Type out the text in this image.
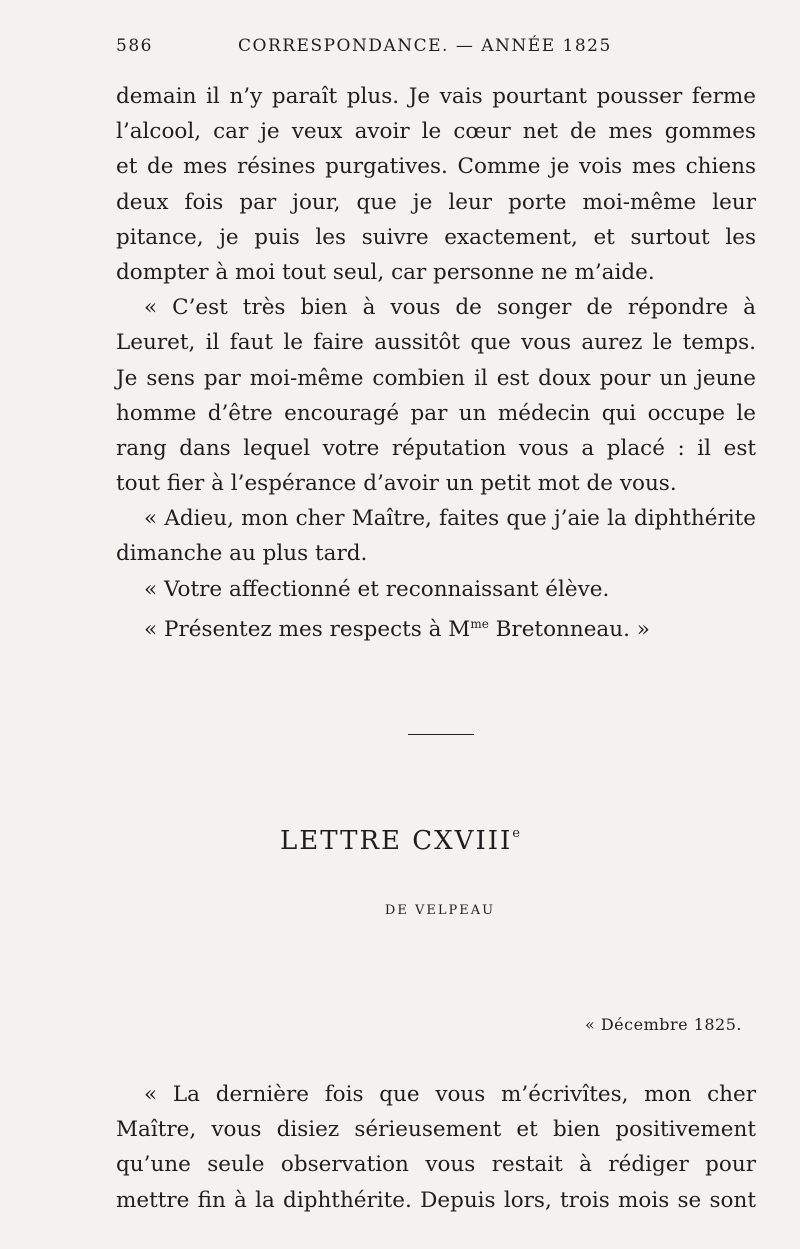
586	CORRESPONDANCE. — ANNÉE 1825
demain il n’y paraît plus. Je vais pourtant pousser ferme
l’alcool, car je veux avoir le cœur net de mes gommes
et de mes résines purgatives. Comme je vois mes chiens
deux fois par jour, que je leur porte moi-même leur
pitance, je puis les suivre exactement, et surtout les
dompter à moi tout seul, car personne ne m’aide.
« C’est très bien à vous de songer de répondre à
Leuret, il faut le faire aussitôt que vous aurez le temps.
Je sens par moi-même combien il est doux pour un jeune
homme d’être encouragé par un médecin qui occupe le
rang dans lequel votre réputation vous a placé : il est
tout fier à l’espérance d’avoir un petit mot de vous.
« Adieu, mon cher Maître, faites que j’aie la diphthérite
dimanche au plus tard.
« Votre affectionné et reconnaissant élève.
« Présentez mes respects à $M^{me}$ Bretonneau. »
LETTRE CXVIIIe
DE VELPEAU
« Décembre 1825.
« La dernière fois que vous m’écrivîtes, mon cher
Maître, vous disiez sérieusement et bien positivement
qu’une seule observation vous restait à rédiger pour
mettre fin à la diphthérite. Depuis lors, trois mois se sont
